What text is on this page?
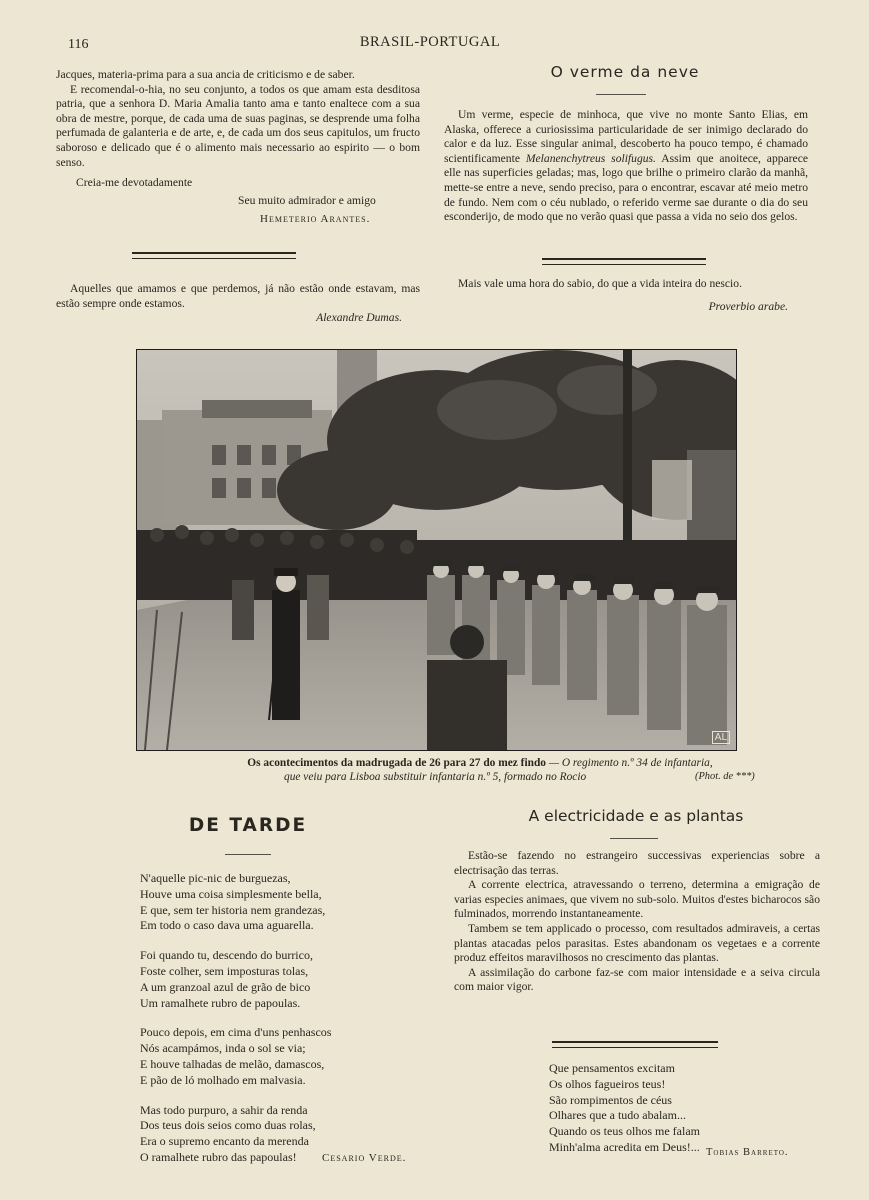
116	BRASIL-PORTUGAL

Jacques, materia-prima para a sua ancia de criticismo e de saber.

E recomendal-o-hia, no seu conjunto, a todos os que amam esta desditosa patria, que a senhora D. Maria Amalia tanto ama e tanto enaltece com a sua obra de mestre, porque, de cada uma de suas paginas, se desprende uma folha perfumada de galanteria e de arte, e, de cada um dos seus capitulos, um fructo saboroso e delicado que é o alimento mais necessario ao espirito — o bom senso.

Creia-me devotadamente

Seu muito admirador e amigo

Hemeterio Arantes.

Aquelles que amamos e que perdemos, já não estão onde estavam, mas estão sempre onde estamos.

Alexandre Dumas.

O verme da neve

Um verme, especie de minhoca, que vive no monte Santo Elias, em Alaska, offerece a curiosissima particularidade de ser inimigo declarado do calor e da luz. Esse singular animal, descoberto ha pouco tempo, é chamado scientificamente Melanenchytreus solifugus. Assim que anoitece, apparece elle nas superficies geladas; mas, logo que brilhe o primeiro clarão da manhã, mette-se entre a neve, sendo preciso, para o encontrar, escavar até meio metro de fundo. Nem com o céu nublado, o referido verme sae durante o dia do seu esconderijo, de modo que no verão quasi que passa a vida no seio dos gelos.

Mais vale uma hora do sabio, do que a vida inteira do nescio.

Proverbio arabe.

AL
Os acontecimentos da madrugada de 26 para 27 do mez findo — O regimento n.º 34 de infantaria,
que veiu para Lisboa substituir infantaria n.º 5, formado no Rocio	(Phot. de ***)
DE TARDE

N'aquelle pic-nic de burguezas,

Houve uma coisa simplesmente bella,

E que, sem ter historia nem grandezas,

Em todo o caso dava uma aguarella.

Foi quando tu, descendo do burrico,

Foste colher, sem imposturas tolas,

A um granzoal azul de grão de bico

Um ramalhete rubro de papoulas.

Pouco depois, em cima d'uns penhascos

Nós acampámos, inda o sol se via;

E houve talhadas de melão, damascos,

E pão de ló molhado em malvasia.

Mas todo purpuro, a sahir da renda

Dos teus dois seios como duas rolas,

Era o supremo encanto da merenda

O ramalhete rubro das papoulas!	Cesario Verde.
A electricidade e as plantas

Estão-se fazendo no estrangeiro successivas experiencias sobre a electrisação das terras.

A corrente electrica, atravessando o terreno, determina a emigração de varias especies animaes, que vivem no sub-solo. Muitos d'estes bicharocos são fulminados, morrendo instantaneamente.

Tambem se tem applicado o processo, com resultados admiraveis, a certas plantas atacadas pelos parasitas. Estes abandonam os vegetaes e a corrente produz effeitos maravilhosos no crescimento das plantas.

A assimilação do carbone faz-se com maior intensidade e a seiva circula com maior vigor.

Que pensamentos excitam

Os olhos fagueiros teus!

São rompimentos de céus

Olhares que a tudo abalam...

Quando os teus olhos me falam

Minh'alma acredita em Deus!... Tobias Barreto.
